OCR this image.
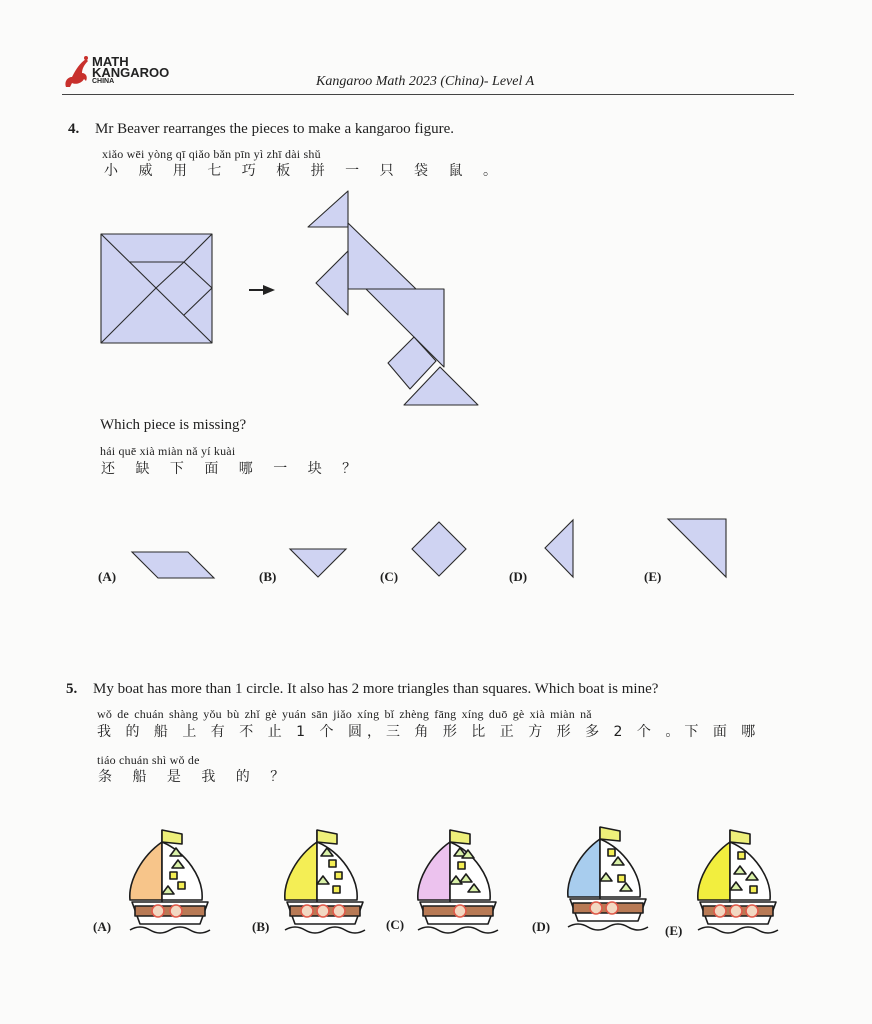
MATH
KANGAROO
CHINA	Kangaroo Math 2023 (China)- Level A
4. Mr Beaver rearranges the pieces to make a kangaroo figure.
xiǎo wēi yòng qī qiǎo bǎn pīn yì zhī dài shǔ
小 威 用 七 巧 板 拼 一 只 袋 鼠 。
Which piece is missing?
hái quē xià miàn nǎ yí kuài
还 缺 下 面 哪 一 块 ？
(A)	(B)	(C)	(D)	(E)
5. My boat has more than 1 circle. It also has 2 more triangles than squares. Which boat is mine?
wǒ de chuán shàng yǒu bù zhǐ gè yuán sān jiǎo xíng bǐ zhèng fāng xíng duō gè xià miàn nǎ
我 的 船 上 有 不 止 1 个 圆，三 角 形 比 正 方 形 多 2 个 。下 面 哪
tiáo chuán shì wǒ de
条 船 是 我 的 ？
(A)	(B)	(C)	(D)	(E)
